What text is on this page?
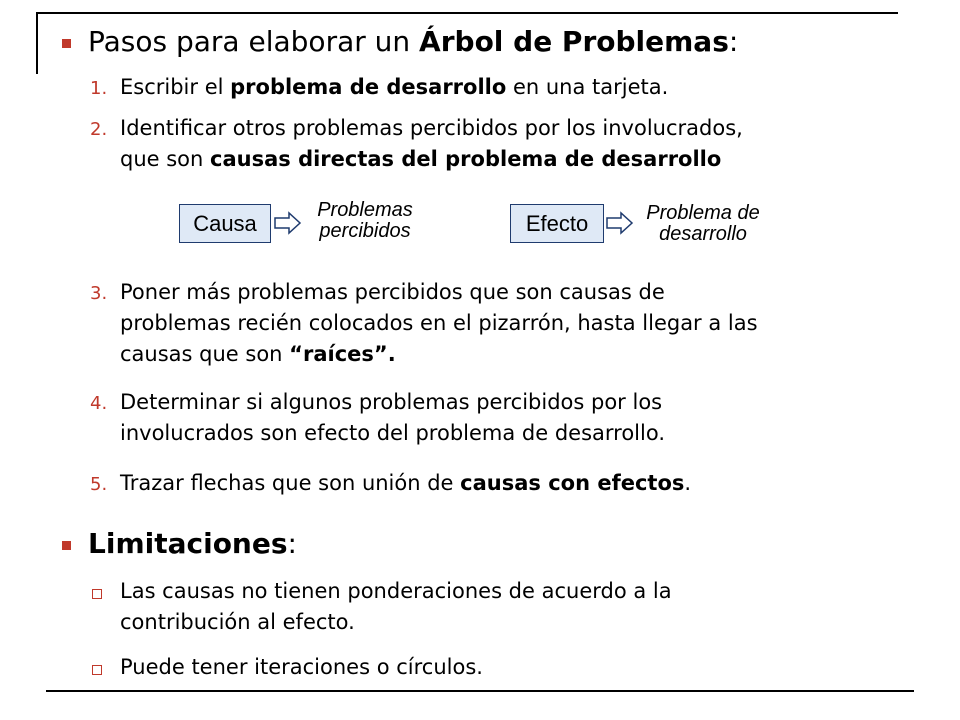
Pasos para elaborar un Árbol de Problemas:
1. Escribir el problema de desarrollo en una tarjeta.
2. Identificar otros problemas percibidos por los involucrados,
que son causas directas del problema de desarrollo
Causa
Problemas
percibidos	Efecto	Problema de
desarrollo
3. Poner más problemas percibidos que son causas de
problemas recién colocados en el pizarrón, hasta llegar a las
causas que son “raíces”.
4. Determinar si algunos problemas percibidos por los
involucrados son efecto del problema de desarrollo.
5. Trazar flechas que son unión de causas con efectos.
Limitaciones:
Las causas no tienen ponderaciones de acuerdo a la
contribución al efecto.
Puede tener iteraciones o círculos.
